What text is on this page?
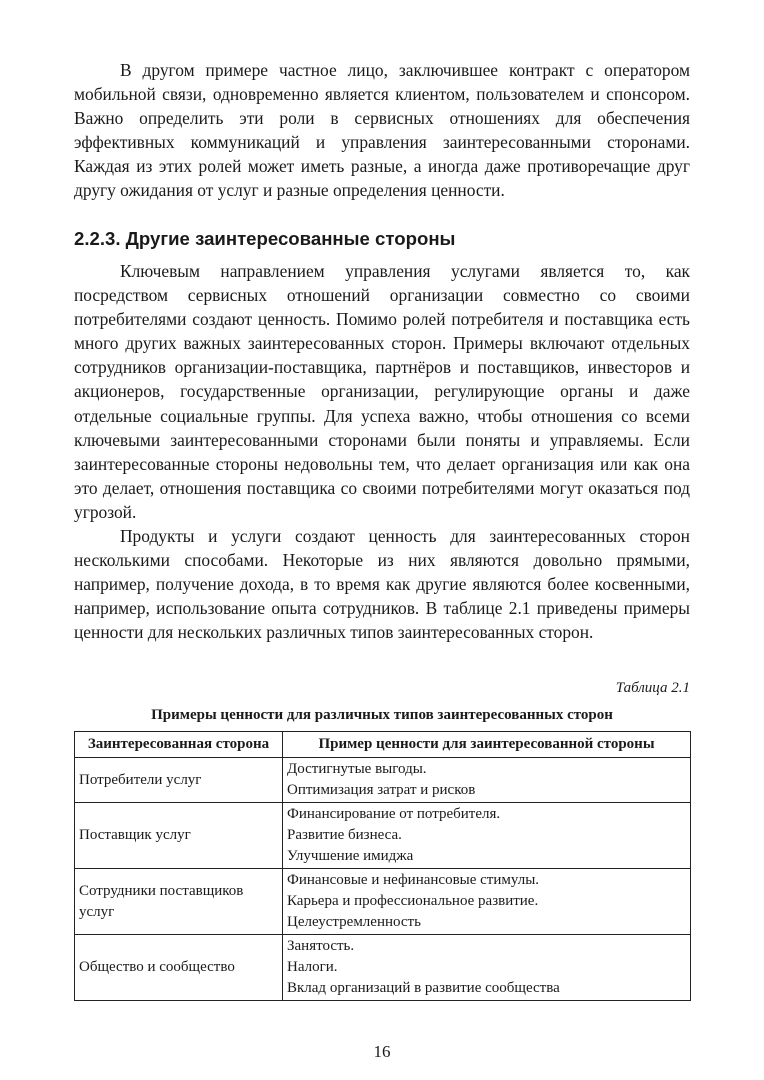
В другом примере частное лицо, заключившее контракт с оператором мобильной связи, одновременно является клиентом, пользователем и спонсором. Важно определить эти роли в сервисных отношениях для обеспечения эффективных коммуникаций и управления заинтересованными сторонами. Каждая из этих ролей может иметь разные, а иногда даже противоречащие друг другу ожидания от услуг и разные определения ценности.

2.2.3. Другие заинтересованные стороны

Ключевым направлением управления услугами является то, как посредством сервисных отношений организации совместно со своими потребителями создают ценность. Помимо ролей потребителя и поставщика есть много других важных заинтересованных сторон. Примеры включают отдельных сотрудников организации-поставщика, партнёров и поставщиков, инвесторов и акционеров, государственные организации, регулирующие органы и даже отдельные социальные группы. Для успеха важно, чтобы отношения со всеми ключевыми заинтересованными сторонами были поняты и управляемы. Если заинтересованные стороны недовольны тем, что делает организация или как она это делает, отношения поставщика со своими потребителями могут оказаться под угрозой.

Продукты и услуги создают ценность для заинтересованных сторон несколькими способами. Некоторые из них являются довольно прямыми, например, получение дохода, в то время как другие являются более косвенными, например, использование опыта сотрудников. В таблице 2.1 приведены примеры ценности для нескольких различных типов заинтересованных сторон.

Таблица 2.1
Примеры ценности для различных типов заинтересованных сторон
Заинтересованная сторона	Пример ценности для заинтересованной стороны
Потребители услуг	Достигнутые выгоды.
Оптимизация затрат и рисков

Поставщик услуг	Финансирование от потребителя.
Развитие бизнеса.
Улучшение имиджа

Сотрудники поставщиков услуг	Финансовые и нефинансовые стимулы.
Карьера и профессиональное развитие.
Целеустремленность

Общество и сообщество	Занятость.
Налоги.
Вклад организаций в развитие сообщества
16
